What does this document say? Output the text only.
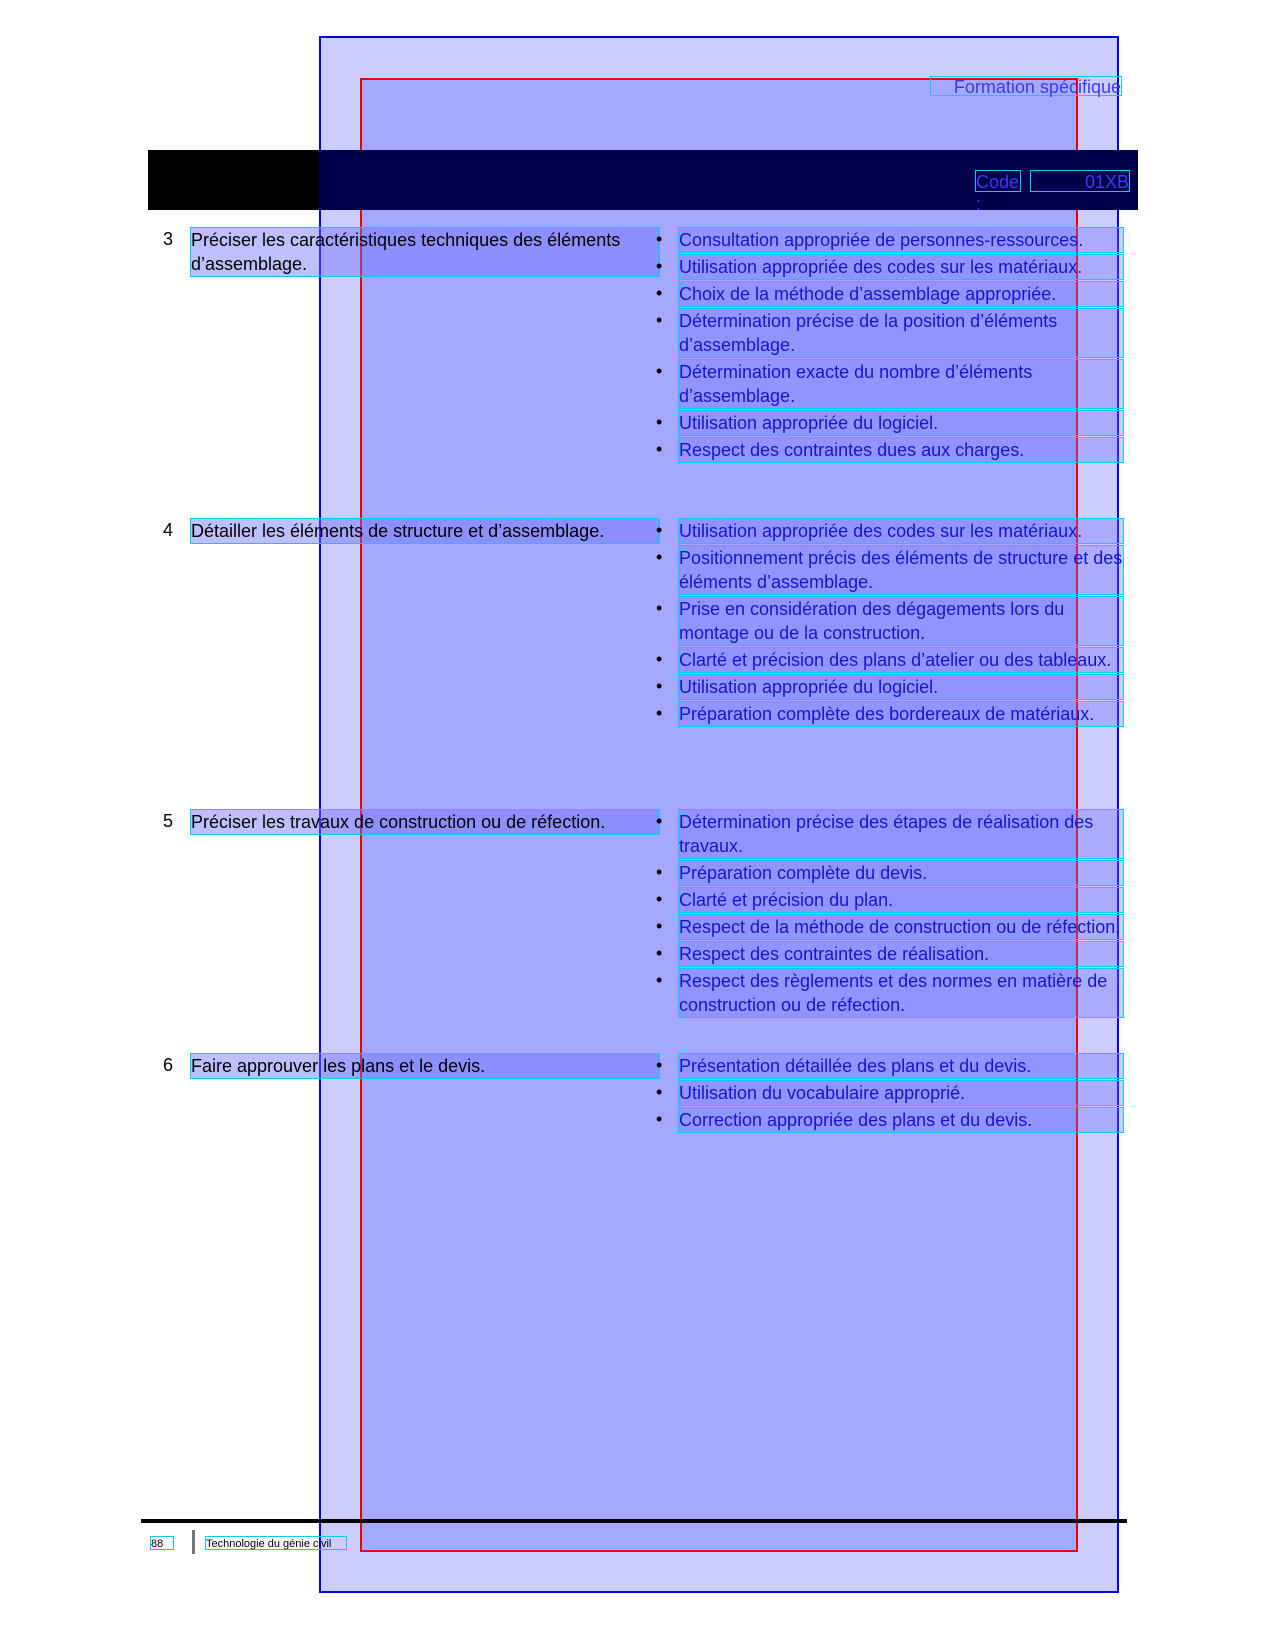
Formation spécifique
Code :
01XB
3 Préciser les caractéristiques techniques des éléments d’assemblage.
• Consultation appropriée de personnes-ressources.
• Utilisation appropriée des codes sur les matériaux.
• Choix de la méthode d’assemblage appropriée.
• Détermination précise de la position d’éléments d’assemblage.
• Détermination exacte du nombre d’éléments d’assemblage.
• Utilisation appropriée du logiciel.
• Respect des contraintes dues aux charges.
4 Détailler les éléments de structure et d’assemblage.	• Utilisation appropriée des codes sur les matériaux.
• Positionnement précis des éléments de structure et des éléments d’assemblage.
• Prise en considération des dégagements lors du montage ou de la construction.
• Clarté et précision des plans d’atelier ou des tableaux.
• Utilisation appropriée du logiciel.
• Préparation complète des bordereaux de matériaux.
5 Préciser les travaux de construction ou de réfection.	• Détermination précise des étapes de réalisation des travaux.
• Préparation complète du devis.
• Clarté et précision du plan.
• Respect de la méthode de construction ou de réfection.
• Respect des contraintes de réalisation.
• Respect des règlements et des normes en matière de construction ou de réfection.
6 Faire approuver les plans et le devis.	• Présentation détaillée des plans et du devis.
• Utilisation du vocabulaire approprié.
• Correction appropriée des plans et du devis.
88	Technologie du génie civil
